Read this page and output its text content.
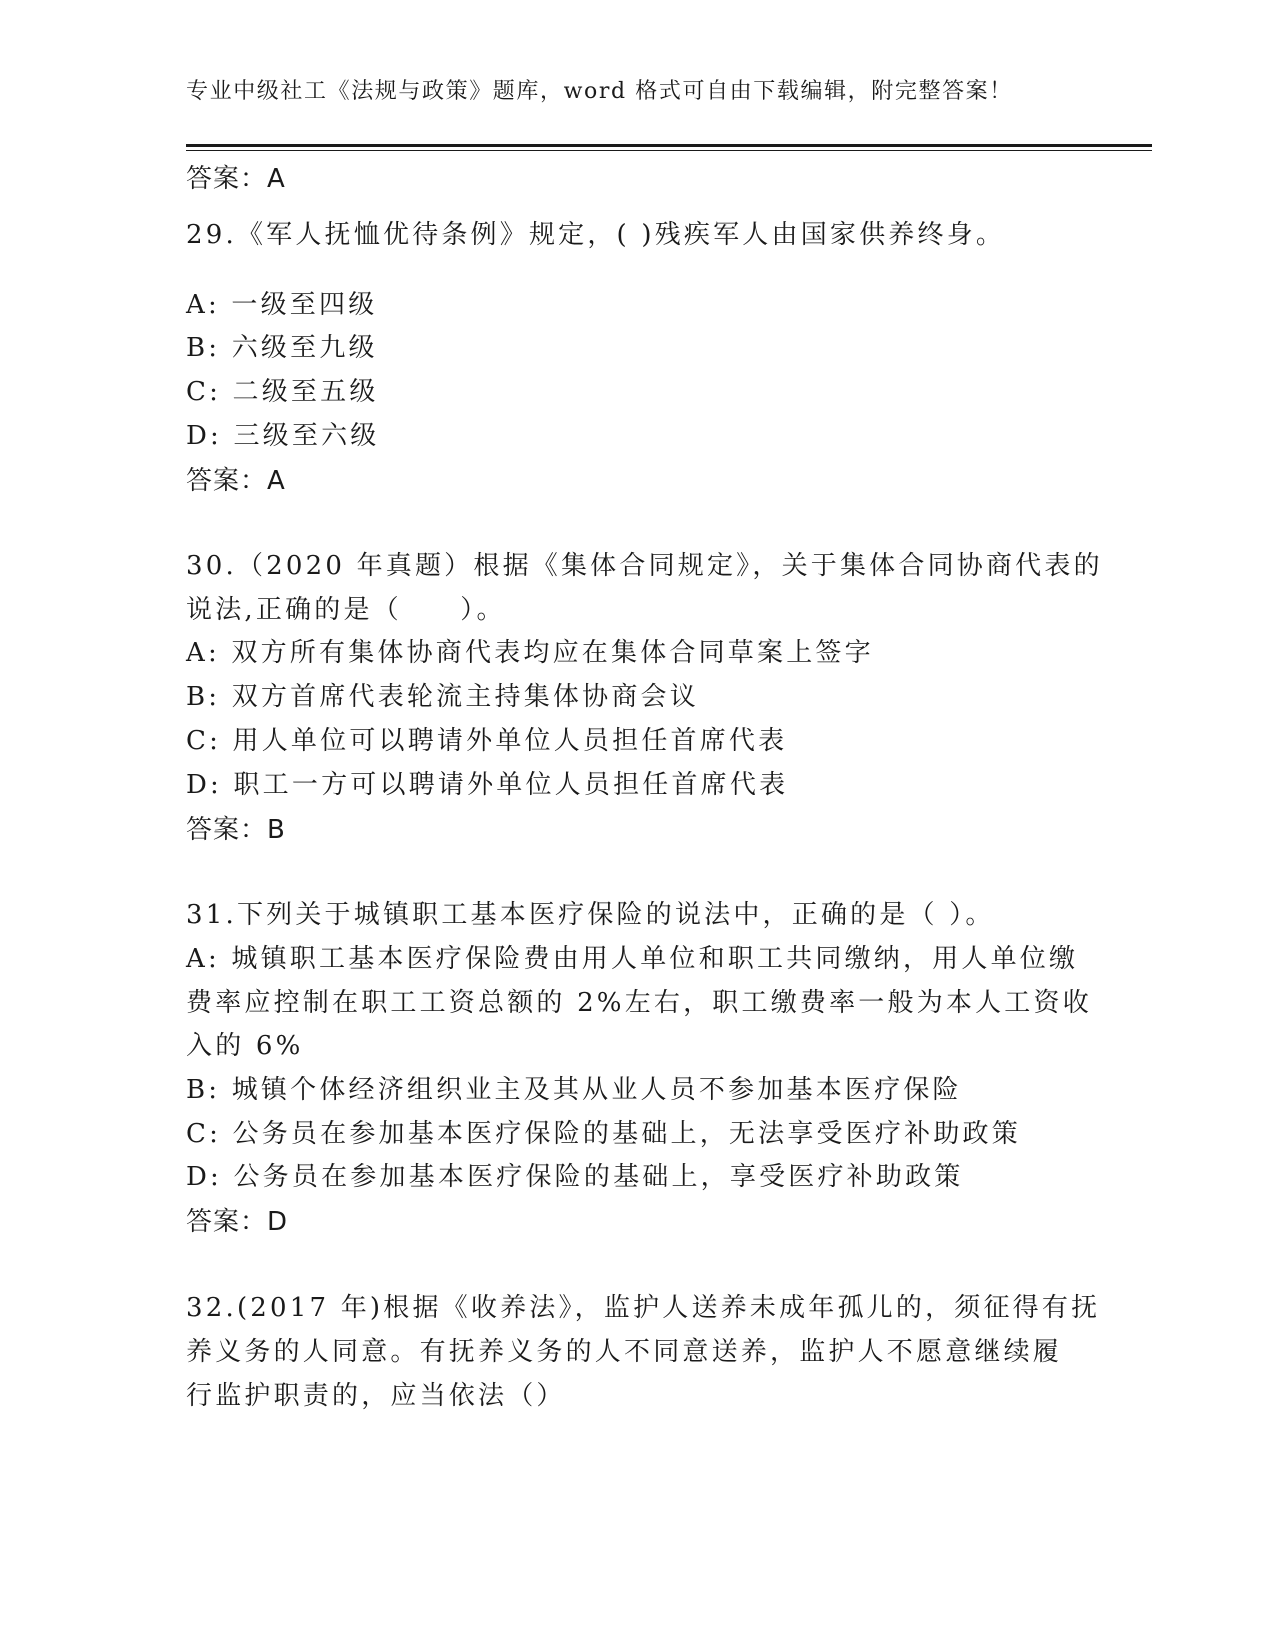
专业中级社工《法规与政策》题库，word 格式可自由下载编辑，附完整答案！
答案：A
29.《军人抚恤优待条例》规定，( )残疾军人由国家供养终身。
A: 一级至四级
B: 六级至九级
C: 二级至五级
D: 三级至六级
答案：A
30.（2020 年真题）根据《集体合同规定》，关于集体合同协商代表的
说法,正确的是（　　）。
A: 双方所有集体协商代表均应在集体合同草案上签字
B: 双方首席代表轮流主持集体协商会议
C: 用人单位可以聘请外单位人员担任首席代表
D: 职工一方可以聘请外单位人员担任首席代表
答案：B
31.下列关于城镇职工基本医疗保险的说法中，正确的是（ ）。
A: 城镇职工基本医疗保险费由用人单位和职工共同缴纳，用人单位缴
费率应控制在职工工资总额的 2%左右，职工缴费率一般为本人工资收
入的 6%
B: 城镇个体经济组织业主及其从业人员不参加基本医疗保险
C: 公务员在参加基本医疗保险的基础上，无法享受医疗补助政策
D: 公务员在参加基本医疗保险的基础上，享受医疗补助政策
答案：D
32.(2017 年)根据《收养法》，监护人送养未成年孤儿的，须征得有抚
养义务的人同意。有抚养义务的人不同意送养，监护人不愿意继续履
行监护职责的，应当依法（）
